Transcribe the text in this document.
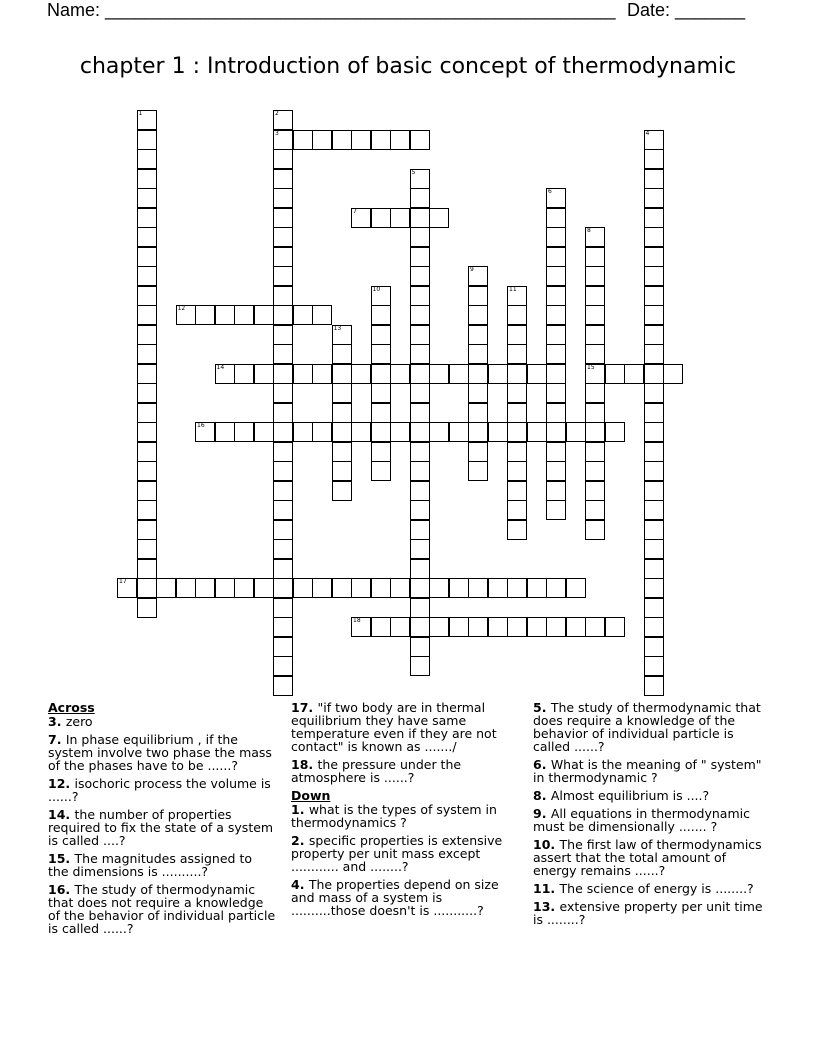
Name: ___________________________________________________ Date: _______
chapter 1 : Introduction of basic concept of thermodynamic
1	2
3	4
5
6
7
8
15
9
10	11
12
13
14
16
17
18
Across
3. zero
7. In phase equilibrium , if the system involve two phase the mass of the phases have to be ......?
12. isochoric process the volume is ......?
14. the number of properties required to fix the state of a system is called ....?
15. The magnitudes assigned to the dimensions is ..........?
16. The study of thermodynamic that does not require a knowledge of the behavior of individual particle is called ......?
17. "if two body are in thermal equilibrium they have same temperature even if they are not contact" is known as ......./
18. the pressure under the atmosphere is ......?
Down
1. what is the types of system in thermodynamics ?
2. specific properties is extensive property per unit mass except ............ and ........?
4. The properties depend on size and mass of a system is ..........those doesn't is ...........?
5. The study of thermodynamic that does require a knowledge of the behavior of individual particle is called ......?
6. What is the meaning of " system" in thermodynamic ?
8. Almost equilibrium is ....?
9. All equations in thermodynamic must be dimensionally ....... ?
10. The first law of thermodynamics assert that the total amount of energy remains ......?
11. The science of energy is ........?
13. extensive property per unit time is ........?
